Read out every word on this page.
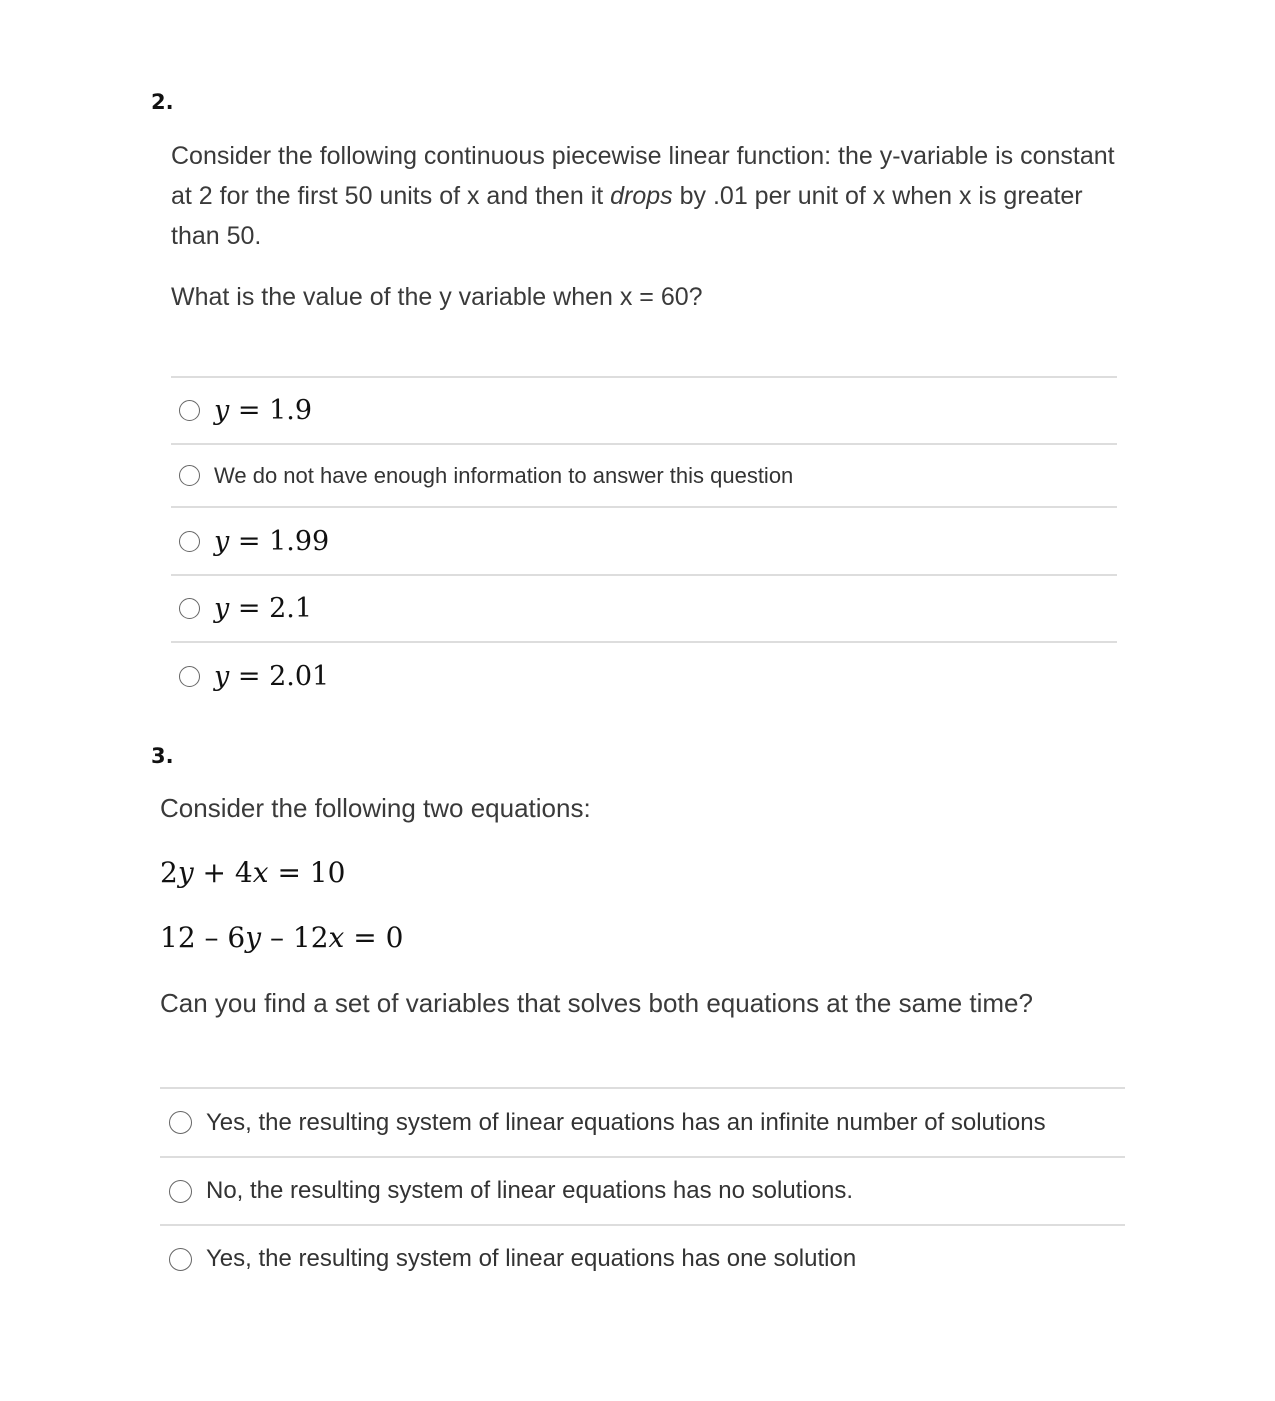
2.

Consider the following continuous piecewise linear function: the y-variable is constant at 2 for the first 50 units of x and then it drops by .01 per unit of x when x is greater than 50.

What is the value of the y variable when x = 60?

y = 1.9
We do not have enough information to answer this question
y = 1.99
y = 2.1
y = 2.01
3.

Consider the following two equations:

2y + 4x = 10

12 – 6y – 12x = 0

Can you find a set of variables that solves both equations at the same time?

Yes, the resulting system of linear equations has an infinite number of solutions
No, the resulting system of linear equations has no solutions.
Yes, the resulting system of linear equations has one solution
